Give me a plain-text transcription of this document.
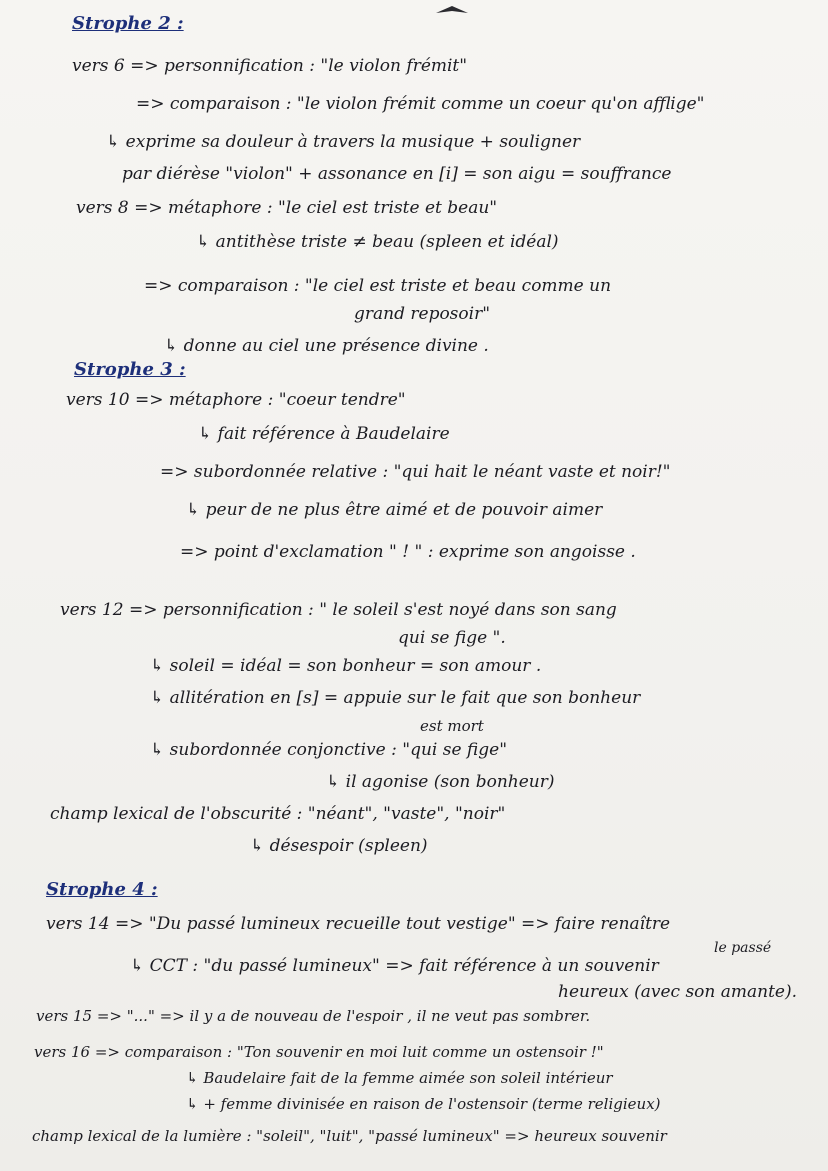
Strophe 2 :
vers 6 => personnification : "le violon frémit"
=> comparaison : "le violon frémit comme un coeur qu'on afflige"
↳ exprime sa douleur à travers la musique + souligner
par diérèse "violon" + assonance en [i] = son aigu = souffrance
vers 8 => métaphore : "le ciel est triste et beau"
↳ antithèse triste ≠ beau (spleen et idéal)
=> comparaison : "le ciel est triste et beau comme un
grand reposoir"
↳ donne au ciel une présence divine .
Strophe 3 :
vers 10 => métaphore : "coeur tendre"
↳ fait référence à Baudelaire
=> subordonnée relative : "qui hait le néant vaste et noir!"
↳ peur de ne plus être aimé et de pouvoir aimer
=> point d'exclamation " ! " : exprime son angoisse .
vers 12 => personnification : " le soleil s'est noyé dans son sang
qui se fige ".
↳ soleil = idéal = son bonheur = son amour .
↳ allitération en [s] = appuie sur le fait que son bonheur
est mort
↳ subordonnée conjonctive : "qui se fige"
↳ il agonise (son bonheur)
champ lexical de l'obscurité : "néant", "vaste", "noir"
↳ désespoir (spleen)
Strophe 4 :
vers 14 => "Du passé lumineux recueille tout vestige" => faire renaître
le passé
↳ CCT : "du passé lumineux" => fait référence à un souvenir
heureux (avec son amante).
vers 15 => "..." => il y a de nouveau de l'espoir , il ne veut pas sombrer.
vers 16 => comparaison : "Ton souvenir en moi luit comme un ostensoir !"
↳ Baudelaire fait de la femme aimée son soleil intérieur
↳ + femme divinisée en raison de l'ostensoir (terme religieux)
champ lexical de la lumière : "soleil", "luit", "passé lumineux" => heureux souvenir
